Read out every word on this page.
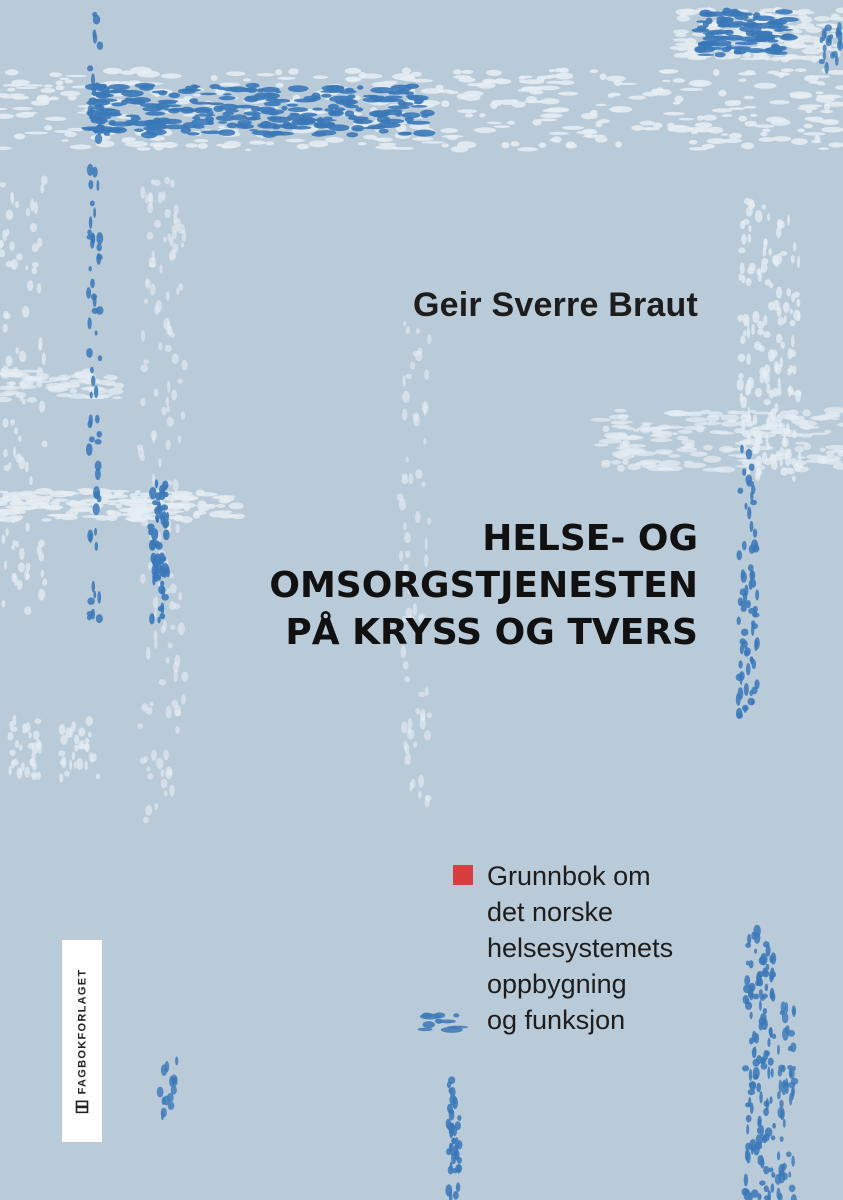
Geir Sverre Braut
HELSE- OG
OMSORGSTJENESTEN
PÅ KRYSS OG TVERS
Grunnbok om
det norske
helsesystemets
oppbygning
og funksjon
FAGBOKFORLAGET
